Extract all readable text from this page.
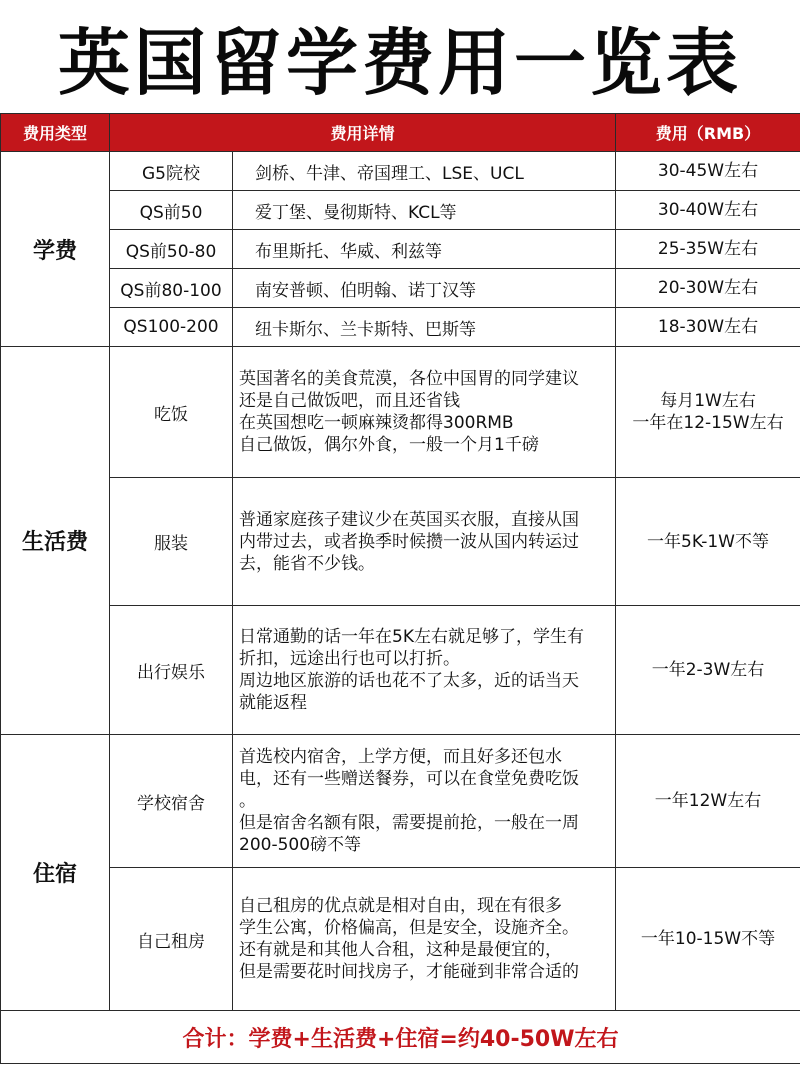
英国留学费用一览表
费用类型	费用详情		费用（RMB）
学费	G5院校	剑桥、牛津、帝国理工、LSE、UCL	30-45W左右
	QS前50	爱丁堡、曼彻斯特、KCL等	30-40W左右
	QS前50-80	布里斯托、华威、利兹等	25-35W左右
	QS前80-100	南安普顿、伯明翰、诺丁汉等	20-30W左右
	QS100-200	纽卡斯尔、兰卡斯特、巴斯等	18-30W左右
生活费	吃饭	英国著名的美食荒漠，各位中国胃的同学建议
还是自己做饭吧，而且还省钱
在英国想吃一顿麻辣烫都得300RMB
自己做饭，偶尔外食，一般一个月1千磅	每月1W左右
一年在12-15W左右

	服装	普通家庭孩子建议少在英国买衣服，直接从国
内带过去，或者换季时候攒一波从国内转运过
去，能省不少钱。	一年5K-1W不等
	出行娱乐	日常通勤的话一年在5K左右就足够了，学生有
折扣，远途出行也可以打折。
周边地区旅游的话也花不了太多，近的话当天
就能返程	一年2-3W左右
住宿	学校宿舍	首选校内宿舍，上学方便，而且好多还包水
电，还有一些赠送餐券，可以在食堂免费吃饭
。
但是宿舍名额有限，需要提前抢，一般在一周
200-500磅不等	一年12W左右
	自己租房	自己租房的优点就是相对自由，现在有很多
学生公寓，价格偏高，但是安全，设施齐全。
还有就是和其他人合租，这种是最便宜的，
但是需要花时间找房子，才能碰到非常合适的	一年10-15W不等
合计：学费+生活费+住宿=约40-50W左右			
